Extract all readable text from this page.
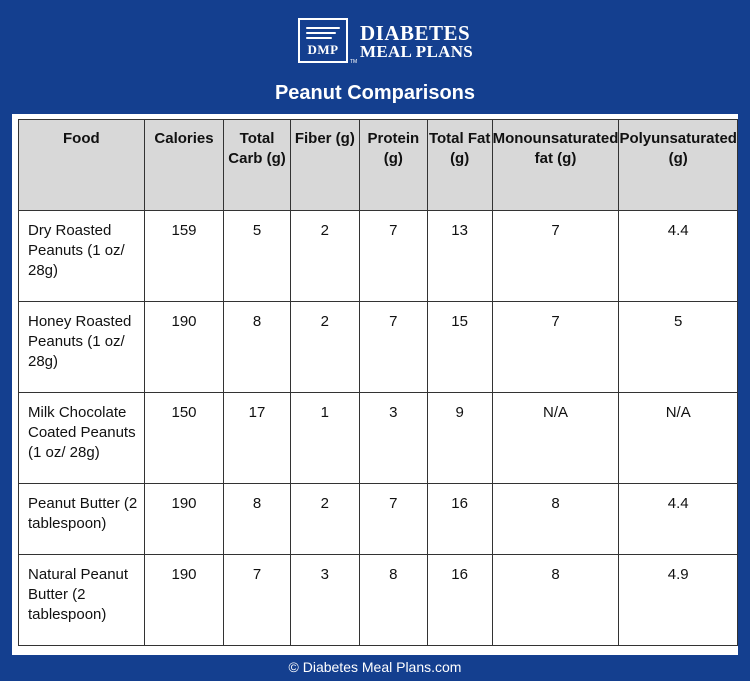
DMP
TM
DIABETES
MEAL PLANS
Peanut Comparisons
Food	Calories	Total Carb (g)	Fiber (g)	Protein (g)	Total Fat (g)	Monounsaturated fat (g)	Polyunsaturated (g)
Dry Roasted Peanuts (1 oz/ 28g)	159	5	2	7	13	7	4.4
Honey Roasted Peanuts (1 oz/ 28g)	190	8	2	7	15	7	5
Milk Chocolate Coated Peanuts (1 oz/ 28g)	150	17	1	3	9	N/A	N/A
Peanut Butter (2 tablespoon)	190	8	2	7	16	8	4.4
Natural Peanut Butter (2 tablespoon)	190	7	3	8	16	8	4.9
© Diabetes Meal Plans.com
